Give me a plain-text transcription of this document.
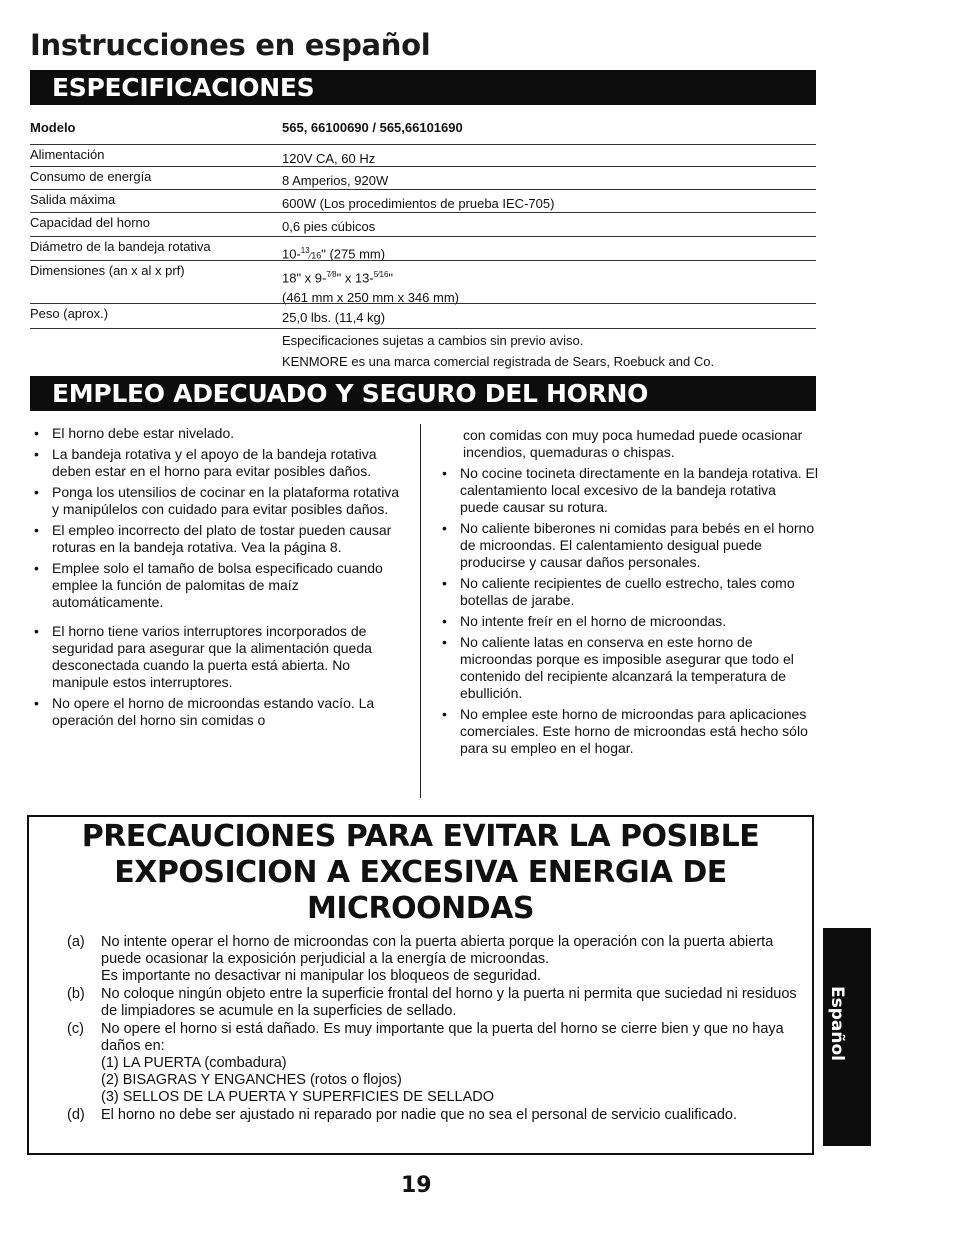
Instrucciones en español
ESPECIFICACIONES
Modelo	565, 66100690 / 565,66101690
Alimentación	120V CA, 60 Hz
Consumo de energía	8 Amperios, 920W
Salida máxima	600W (Los procedimientos de prueba IEC-705)
Capacidad del horno	0,6 pies cúbicos
Diámetro de la bandeja rotativa	10-$^{13}$⁄16" (275 mm)
Dimensiones (an x al x prf)	18" x 9-$^{7⁄8}$" x 13-$^{5⁄16}$"
(461 mm x 250 mm x 346 mm)
Peso (aprox.)	25,0 lbs. (11,4 kg)
Especificaciones sujetas a cambios sin previo aviso.
KENMORE es una marca comercial registrada de Sears, Roebuck and Co.
EMPLEO ADECUADO Y SEGURO DEL HORNO
• El horno debe estar nivelado.
• La bandeja rotativa y el apoyo de la bandeja rotativa deben estar en el horno para evitar posibles daños.
• Ponga los utensilios de cocinar en la plataforma rotativa y manipúlelos con cuidado para evitar posibles daños.
• El empleo incorrecto del plato de tostar pueden causar roturas en la bandeja rotativa. Vea la página 8.
• Emplee solo el tamaño de bolsa especificado cuando emplee la función de palomitas de maíz automáticamente.
• El horno tiene varios interruptores incorporados de seguridad para asegurar que la alimentación queda desconectada cuando la puerta está abierta. No manipule estos interruptores.
• No opere el horno de microondas estando vacío. La operación del horno sin comidas o
con comidas con muy poca humedad puede ocasionar incendios, quemaduras o chispas.
• No cocine tocineta directamente en la bandeja rotativa. El calentamiento local excesivo de la bandeja rotativa puede causar su rotura.
• No caliente biberones ni comidas para bebés en el horno de microondas. El calentamiento desigual puede producirse y causar daños personales.
• No caliente recipientes de cuello estrecho, tales como botellas de jarabe.
• No intente freír en el horno de microondas.
• No caliente latas en conserva en este horno de microondas porque es imposible asegurar que todo el contenido del recipiente alcanzará la temperatura de ebullición.
• No emplee este horno de microondas para aplicaciones comerciales. Este horno de microondas está hecho sólo para su empleo en el hogar.
PRECAUCIONES PARA EVITAR LA POSIBLE
EXPOSICION A EXCESIVA ENERGIA DE
MICROONDAS
(a) No intente operar el horno de microondas con la puerta abierta porque la operación con la puerta abierta puede ocasionar la exposición perjudicial a la energía de microondas.
Es importante no desactivar ni manipular los bloqueos de seguridad.
(b) No coloque ningún objeto entre la superficie frontal del horno y la puerta ni permita que suciedad ni residuos de limpiadores se acumule en la superficies de sellado.
(c) No opere el horno si está dañado. Es muy importante que la puerta del horno se cierre bien y que no haya daños en:
(1) LA PUERTA (combadura)
(2) BISAGRAS Y ENGANCHES (rotos o flojos)
(3) SELLOS DE LA PUERTA Y SUPERFICIES DE SELLADO
(d) El horno no debe ser ajustado ni reparado por nadie que no sea el personal de servicio cualificado.
Español
19
